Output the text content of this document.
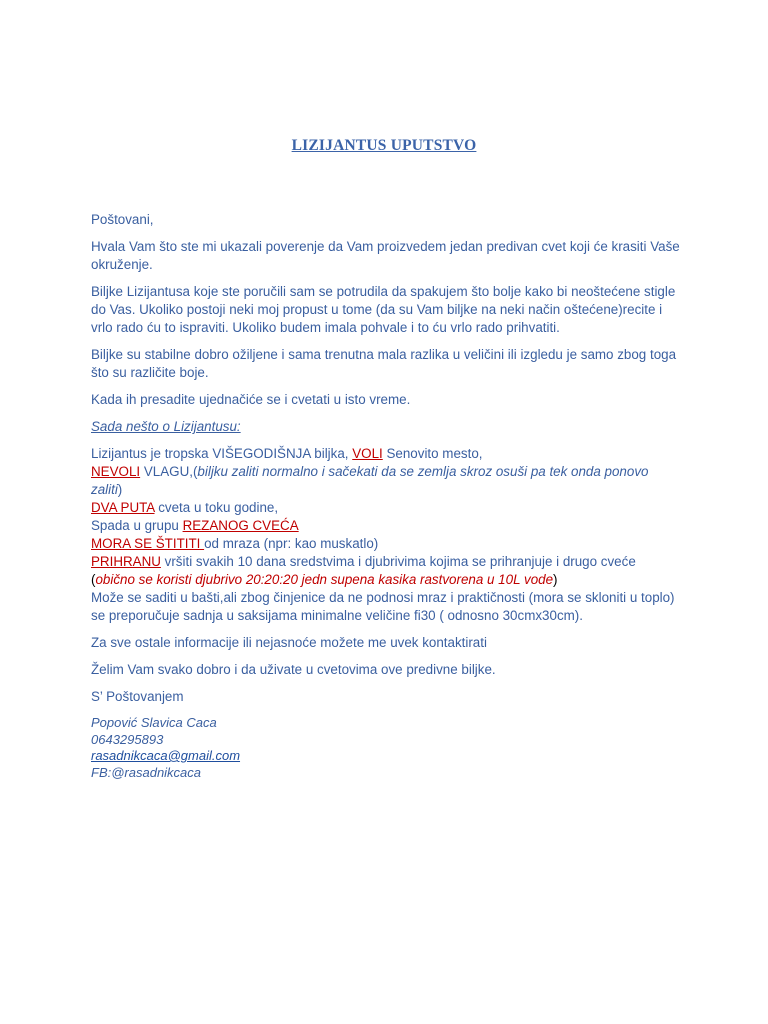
LIZIJANTUS UPUTSTVO

Poštovani,

Hvala Vam što ste mi ukazali poverenje da Vam proizvedem jedan predivan cvet koji će krasiti Vaše okruženje.

Biljke Lizijantusa koje ste poručili sam se potrudila da spakujem što bolje kako bi neoštećene stigle do Vas. Ukoliko postoji neki moj propust u tome (da su Vam biljke na neki način oštećene)recite i vrlo rado ću to ispraviti. Ukoliko budem imala pohvale i to ću vrlo rado prihvatiti.

Biljke su stabilne dobro ožiljene i sama trenutna mala razlika u veličini ili izgledu je samo zbog toga što su različite boje.

Kada ih presadite ujednačiće se i cvetati u isto vreme.

Sada nešto o Lizijantusu:

Lizijantus je tropska VIŠEGODIŠNJA biljka, VOLI Senovito mesto,
NEVOLI VLAGU,(biljku zaliti normalno i sačekati da se zemlja skroz osuši pa tek onda ponovo zaliti)
DVA PUTA cveta u toku godine,
Spada u grupu REZANOG CVEĆA
MORA SE ŠTITITI od mraza (npr: kao muskatlo)
PRIHRANU vršiti svakih 10 dana sredstvima i djubrivima kojima se prihranjuje i drugo cveće
(obično se koristi djubrivo 20:20:20 jedn supena kasika rastvorena u 10L vode)
Može se saditi u bašti,ali zbog činjenice da ne podnosi mraz i praktičnosti (mora se skloniti u toplo) se preporučuje sadnja u saksijama minimalne veličine fi30 ( odnosno 30cmx30cm).

Za sve ostale informacije ili nejasnoće možete me uvek kontaktirati

Želim Vam svako dobro i da uživate u cvetovima ove predivne biljke.

S’ Poštovanjem

Popović Slavica Caca
0643295893
rasadnikcaca@gmail.com
FB:@rasadnikcaca
